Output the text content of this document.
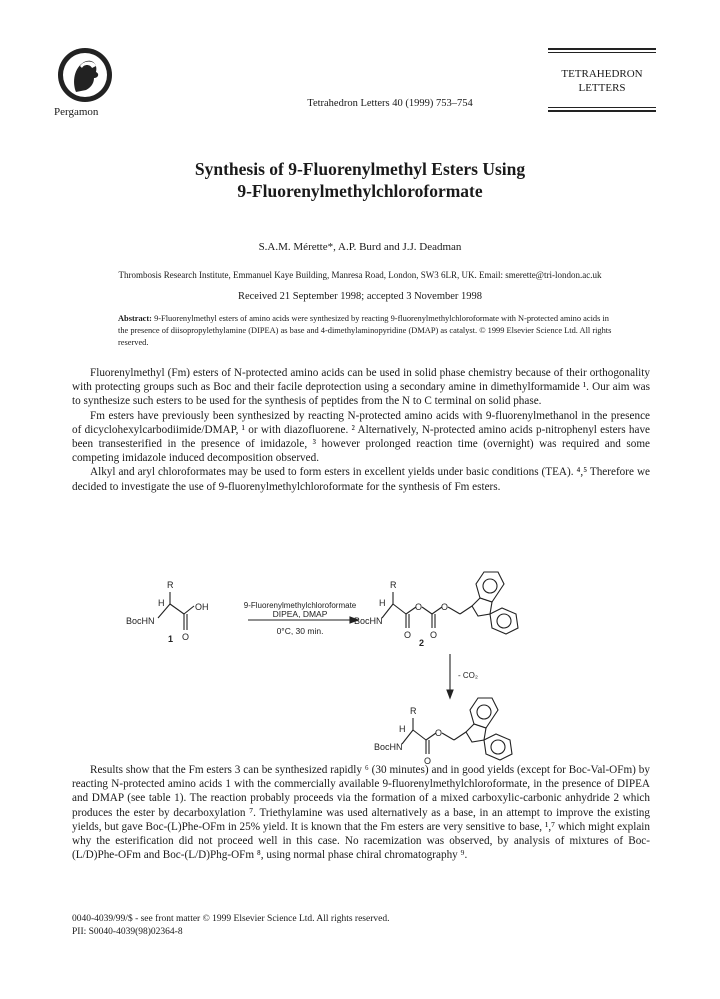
Pergamon
Tetrahedron Letters 40 (1999) 753–754
TETRAHEDRON
LETTERS
Synthesis of 9-Fluorenylmethyl Esters Using
9-Fluorenylmethylchloroformate
S.A.M. Mérette*, A.P. Burd and J.J. Deadman
Thrombosis Research Institute, Emmanuel Kaye Building, Manresa Road, London, SW3 6LR, UK. Email: smerette@tri-london.ac.uk
Received 21 September 1998; accepted 3 November 1998
Abstract: 9-Fluorenylmethyl esters of amino acids were synthesized by reacting 9-fluorenylmethylchloroformate with N-protected amino acids in the presence of diisopropylethylamine (DIPEA) as base and 4-dimethylaminopyridine (DMAP) as catalyst. © 1999 Elsevier Science Ltd. All rights reserved.

Fluorenylmethyl (Fm) esters of N-protected amino acids can be used in solid phase chemistry because of their orthogonality with protecting groups such as Boc and their facile deprotection using a secondary amine in dimethylformamide ¹. Our aim was to synthesize such esters to be used for the synthesis of peptides from the N to C terminal on solid phase.

Fm esters have previously been synthesized by reacting N-protected amino acids with 9-fluorenylmethanol in the presence of dicyclohexylcarbodiimide/DMAP, ¹ or with diazofluorene. ² Alternatively, N-protected amino acids p-nitrophenyl esters have been transesterified in the presence of imidazole, ³ however prolonged reaction time (overnight) was required and some competing imidazole induced decomposition observed.

Alkyl and aryl chloroformates may be used to form esters in excellent yields under basic conditions (TEA). ⁴,⁵ Therefore we decided to investigate the use of 9-fluorenylmethylchloroformate for the synthesis of Fm esters.

R
H	OH
BocHN
O
1
9-Fluorenylmethylchloroformate
DIPEA, DMAP
0°C, 30 min.
R
H	O O
BocHN
O O
2
- CO₂
R
H	O
BocHN
O

Results show that the Fm esters 3 can be synthesized rapidly ⁶ (30 minutes) and in good yields (except for Boc-Val-OFm) by reacting N-protected amino acids 1 with the commercially available 9-fluorenylmethylchloroformate, in the presence of DIPEA and DMAP (see table 1). The reaction probably proceeds via the formation of a mixed carboxylic-carbonic anhydride 2 which produces the ester by decarboxylation ⁷. Triethylamine was used alternatively as a base, in an attempt to improve the existing yields, but gave Boc-(L)Phe-OFm in 25% yield. It is known that the Fm esters are very sensitive to base, ¹,⁷ which might explain why the esterification did not proceed well in this case. No racemization was observed, by analysis of mixtures of Boc-(L/D)Phe-OFm and Boc-(L/D)Phg-OFm ⁸, using normal phase chiral chromatography ⁹.

0040-4039/99/$ - see front matter © 1999 Elsevier Science Ltd. All rights reserved.
PII: S0040-4039(98)02364-8
